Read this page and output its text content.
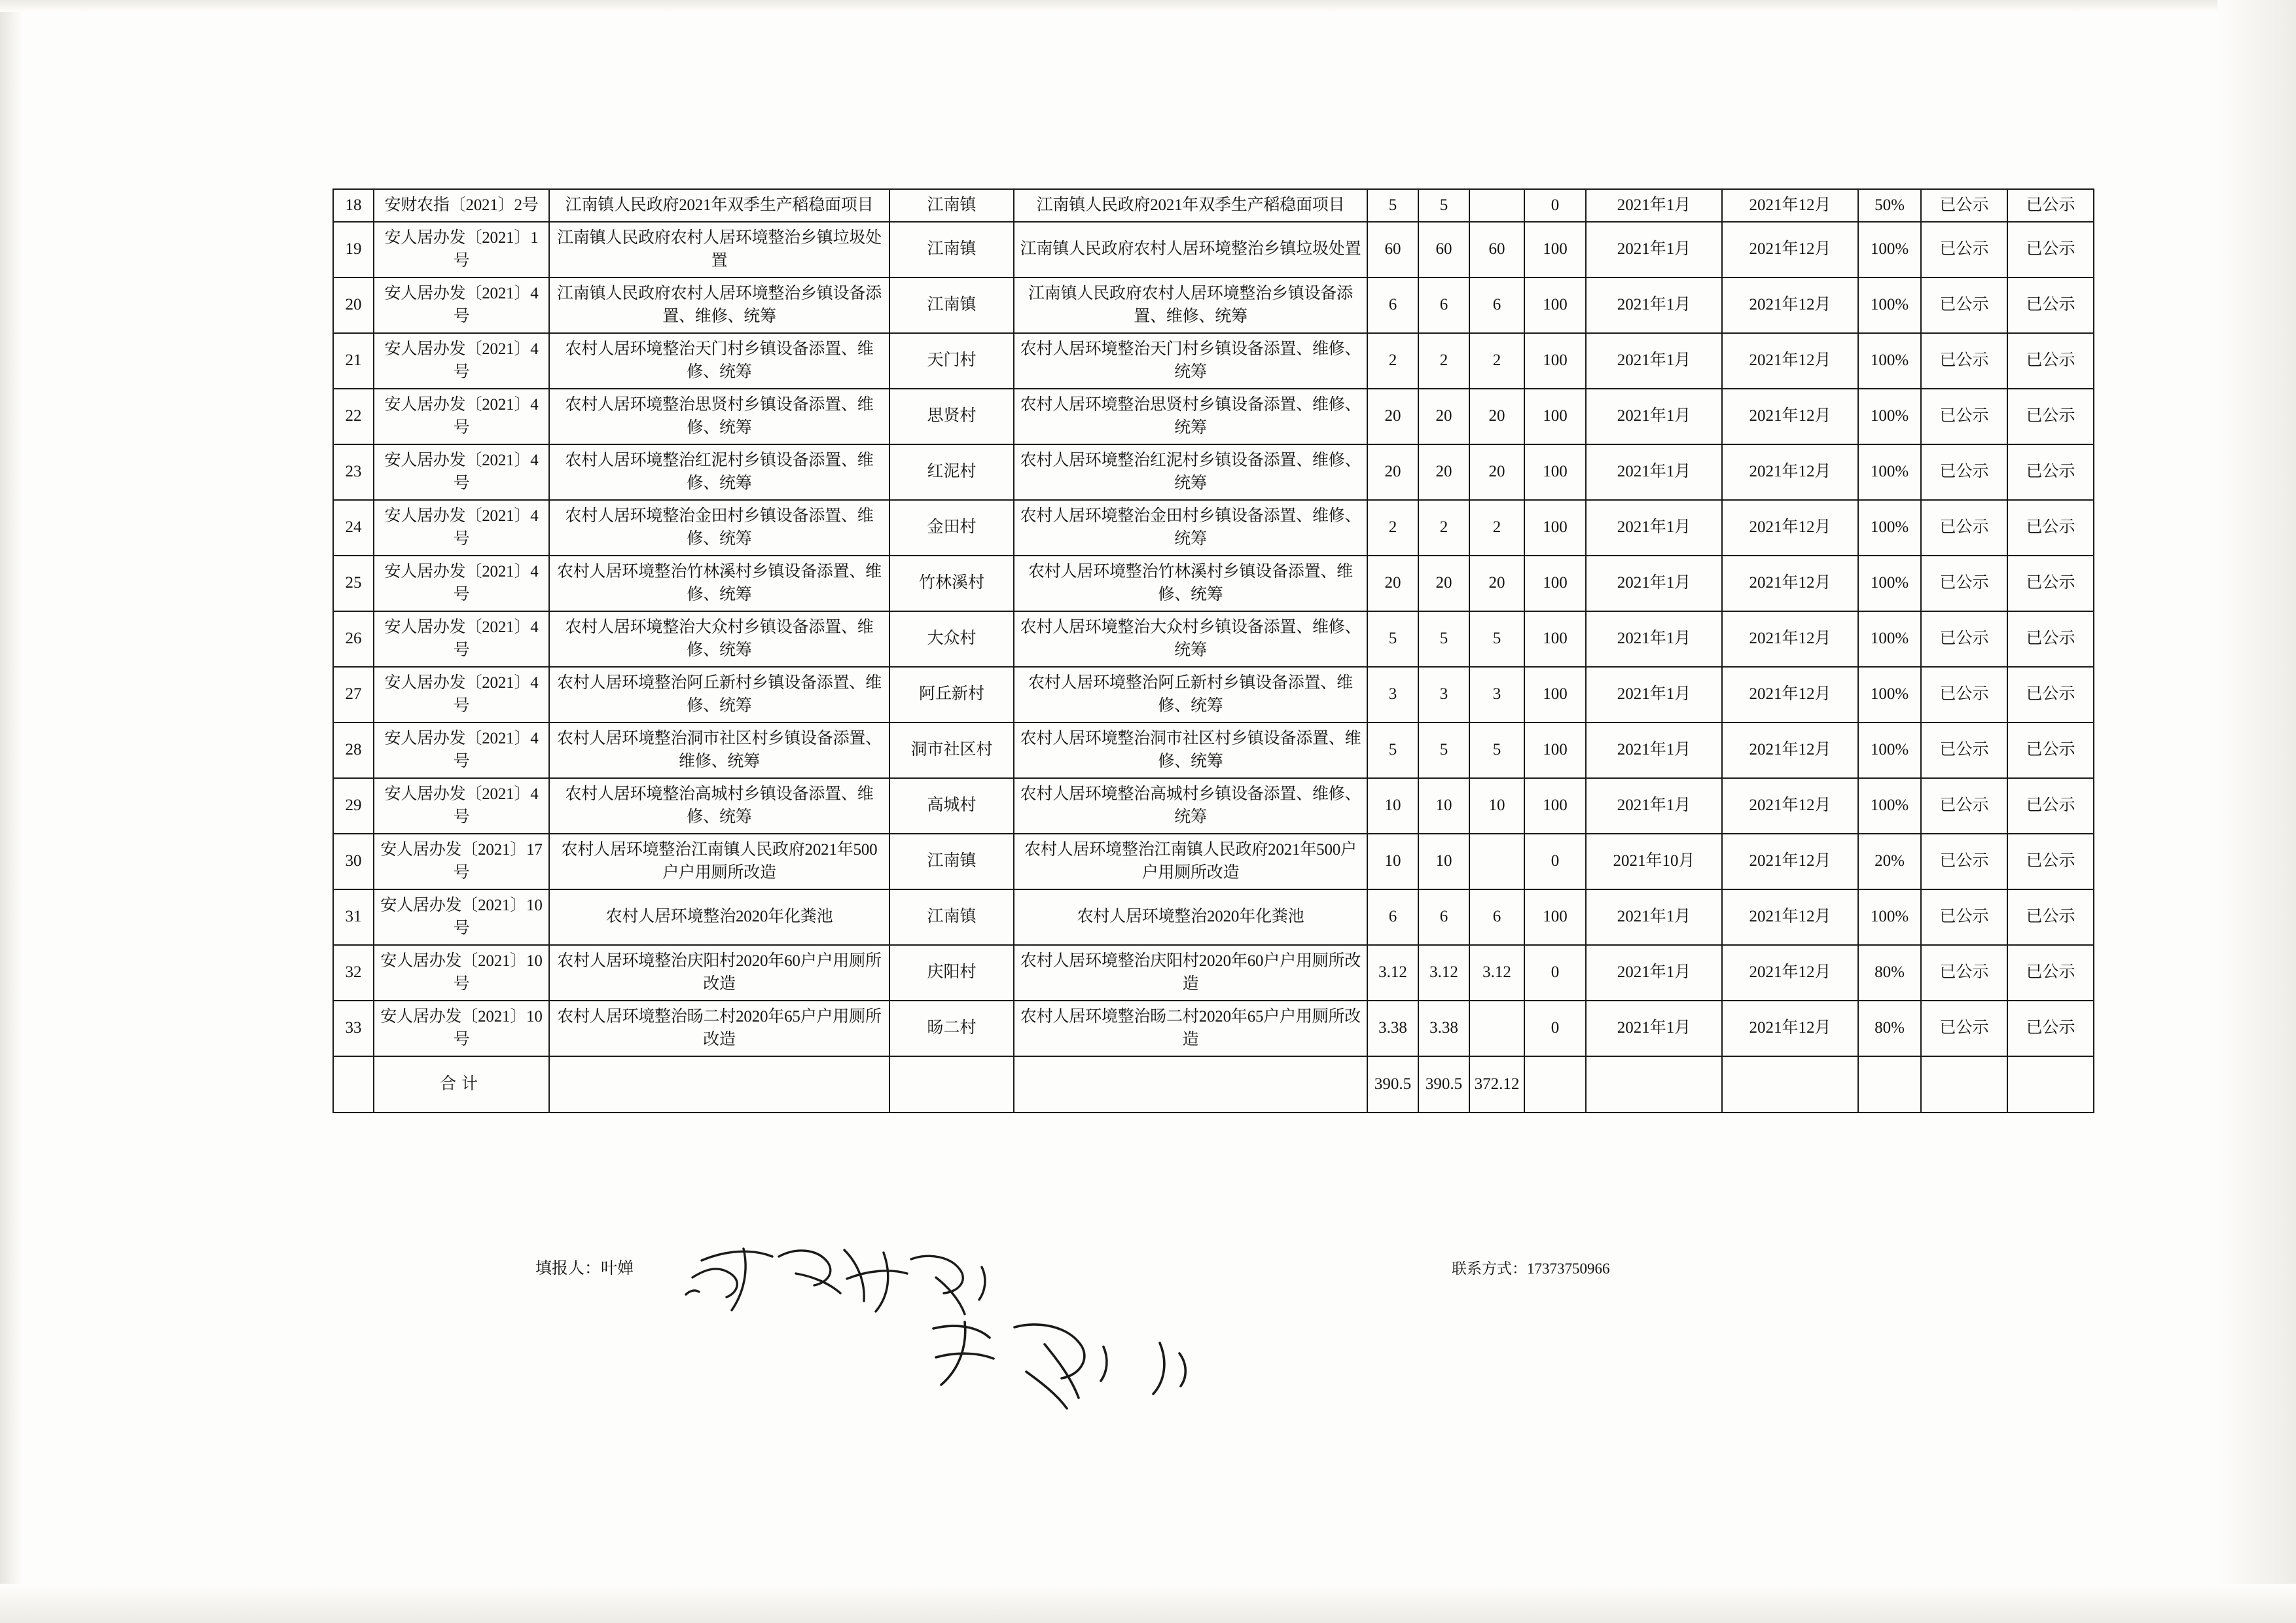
18	安财农指〔2021〕2号	江南镇人民政府2021年双季生产稻稳面项目	江南镇	江南镇人民政府2021年双季生产稻稳面项目	5	5		0	2021年1月	2021年12月	50%	已公示	已公示
19	安人居办发〔2021〕1号	江南镇人民政府农村人居环境整治乡镇垃圾处置	江南镇	江南镇人民政府农村人居环境整治乡镇垃圾处置	60	60	60	100	2021年1月	2021年12月	100%	已公示	已公示
20	安人居办发〔2021〕4号	江南镇人民政府农村人居环境整治乡镇设备添置、维修、统筹	江南镇	江南镇人民政府农村人居环境整治乡镇设备添置、维修、统筹	6	6	6	100	2021年1月	2021年12月	100%	已公示	已公示
21	安人居办发〔2021〕4号	农村人居环境整治天门村乡镇设备添置、维修、统筹	天门村	农村人居环境整治天门村乡镇设备添置、维修、统筹	2	2	2	100	2021年1月	2021年12月	100%	已公示	已公示
22	安人居办发〔2021〕4号	农村人居环境整治思贤村乡镇设备添置、维修、统筹	思贤村	农村人居环境整治思贤村乡镇设备添置、维修、统筹	20	20	20	100	2021年1月	2021年12月	100%	已公示	已公示
23	安人居办发〔2021〕4号	农村人居环境整治红泥村乡镇设备添置、维修、统筹	红泥村	农村人居环境整治红泥村乡镇设备添置、维修、统筹	20	20	20	100	2021年1月	2021年12月	100%	已公示	已公示
24	安人居办发〔2021〕4号	农村人居环境整治金田村乡镇设备添置、维修、统筹	金田村	农村人居环境整治金田村乡镇设备添置、维修、统筹	2	2	2	100	2021年1月	2021年12月	100%	已公示	已公示
25	安人居办发〔2021〕4号	农村人居环境整治竹林溪村乡镇设备添置、维修、统筹	竹林溪村	农村人居环境整治竹林溪村乡镇设备添置、维修、统筹	20	20	20	100	2021年1月	2021年12月	100%	已公示	已公示
26	安人居办发〔2021〕4号	农村人居环境整治大众村乡镇设备添置、维修、统筹	大众村	农村人居环境整治大众村乡镇设备添置、维修、统筹	5	5	5	100	2021年1月	2021年12月	100%	已公示	已公示
27	安人居办发〔2021〕4号	农村人居环境整治阿丘新村乡镇设备添置、维修、统筹	阿丘新村	农村人居环境整治阿丘新村乡镇设备添置、维修、统筹	3	3	3	100	2021年1月	2021年12月	100%	已公示	已公示
28	安人居办发〔2021〕4号	农村人居环境整治洞市社区村乡镇设备添置、维修、统筹	洞市社区村	农村人居环境整治洞市社区村乡镇设备添置、维修、统筹	5	5	5	100	2021年1月	2021年12月	100%	已公示	已公示
29	安人居办发〔2021〕4号	农村人居环境整治高城村乡镇设备添置、维修、统筹	高城村	农村人居环境整治高城村乡镇设备添置、维修、统筹	10	10	10	100	2021年1月	2021年12月	100%	已公示	已公示
30	安人居办发〔2021〕17号	农村人居环境整治江南镇人民政府2021年500户户用厕所改造	江南镇	农村人居环境整治江南镇人民政府2021年500户户用厕所改造	10	10		0	2021年10月	2021年12月	20%	已公示	已公示
31	安人居办发〔2021〕10号	农村人居环境整治2020年化粪池	江南镇	农村人居环境整治2020年化粪池	6	6	6	100	2021年1月	2021年12月	100%	已公示	已公示
32	安人居办发〔2021〕10号	农村人居环境整治庆阳村2020年60户户用厕所改造	庆阳村	农村人居环境整治庆阳村2020年60户户用厕所改造	3.12	3.12	3.12	0	2021年1月	2021年12月	80%	已公示	已公示
33	安人居办发〔2021〕10号	农村人居环境整治旸二村2020年65户户用厕所改造	旸二村	农村人居环境整治旸二村2020年65户户用厕所改造	3.38	3.38		0	2021年1月	2021年12月	80%	已公示	已公示
	合计				390.5	390.5	372.12						
填报人：叶婵	联系方式：17373750966
